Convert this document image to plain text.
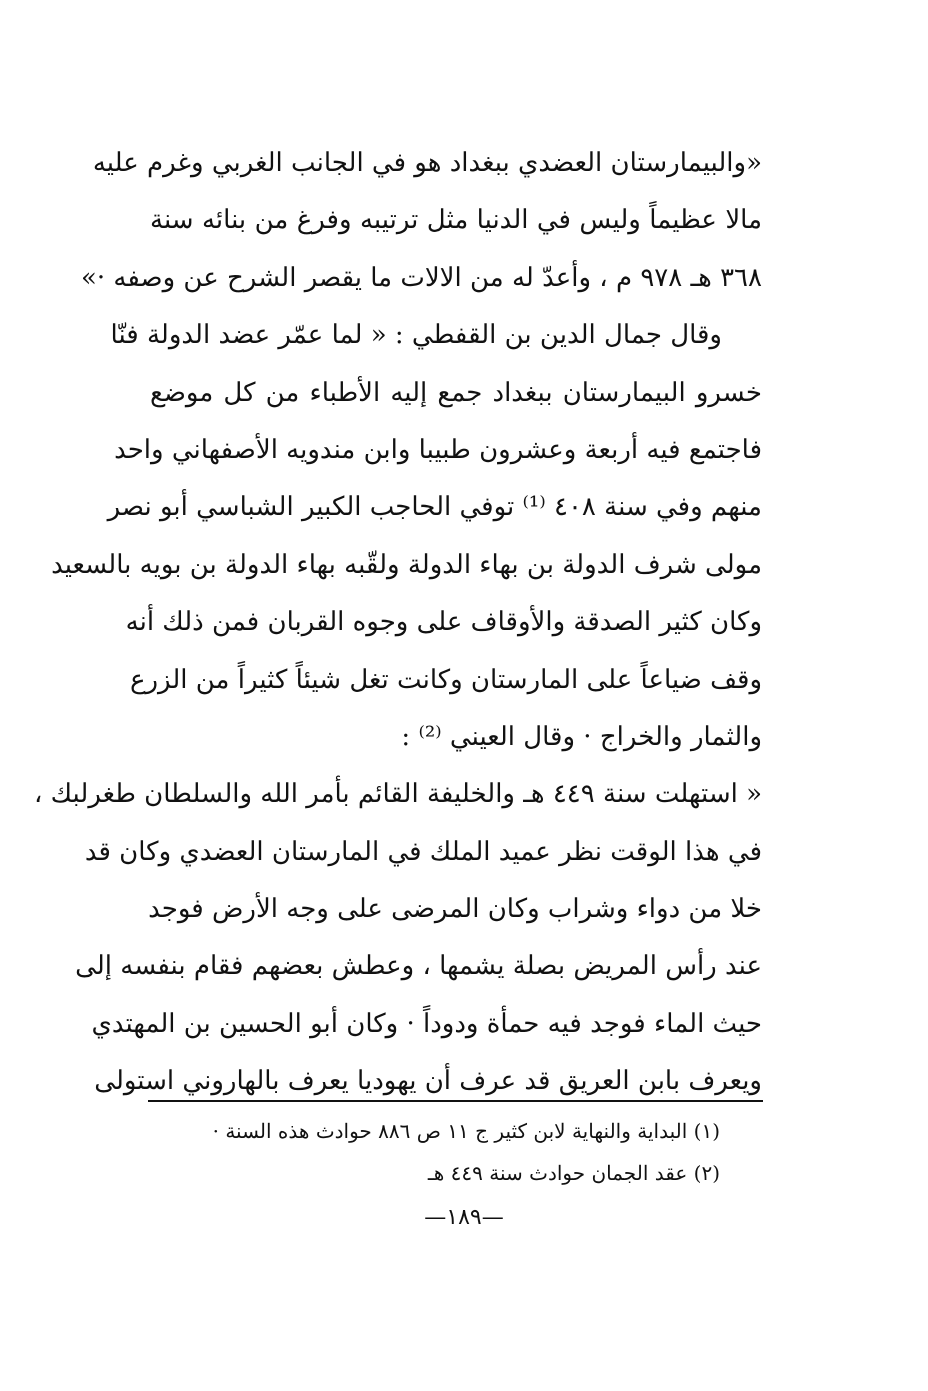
«والبيمارستان العضدي ببغداد هو في الجانب الغربي وغرم عليه
مالا عظيماً وليس في الدنيا مثل ترتيبه وفرغ من بنائه سنة
٣٦٨ هـ ٩٧٨ م ، وأعدّ له من الالات ما يقصر الشرح عن وصفه ·»
وقال جمال الدين بن القفطي : « لما عمّر عضد الدولة فنّا
خسرو البيمارستان ببغداد جمع إليه الأطباء من كل موضع
فاجتمع فيه أربعة وعشرون طبيبا وابن مندويه الأصفهاني واحد
منهم وفي سنة ٤٠٨ ⁽¹⁾ توفي الحاجب الكبير الشباسي أبو نصر
مولى شرف الدولة بن بهاء الدولة ولقّبه بهاء الدولة بن بويه بالسعيد
وكان كثير الصدقة والأوقاف على وجوه القربان فمن ذلك أنه
وقف ضياعاً على المارستان وكانت تغل شيئاً كثيراً من الزرع
والثمار والخراج · وقال العيني ⁽²⁾ :
« استهلت سنة ٤٤٩ هـ والخليفة القائم بأمر الله والسلطان طغرلبك ،
في هذا الوقت نظر عميد الملك في المارستان العضدي وكان قد
خلا من دواء وشراب وكان المرضى على وجه الأرض فوجد
عند رأس المريض بصلة يشمها ، وعطش بعضهم فقام بنفسه إلى
حيث الماء فوجد فيه حمأة ودوداً · وكان أبو الحسين بن المهتدي
ويعرف بابن العريق قد عرف أن يهوديا يعرف بالهاروني استولى
(١) البداية والنهاية لابن كثير ج ١١ ص ٨٨٦ حوادث هذه السنة ·
(٢) عقد الجمان حوادث سنة ٤٤٩ هـ
—١٨٩—
